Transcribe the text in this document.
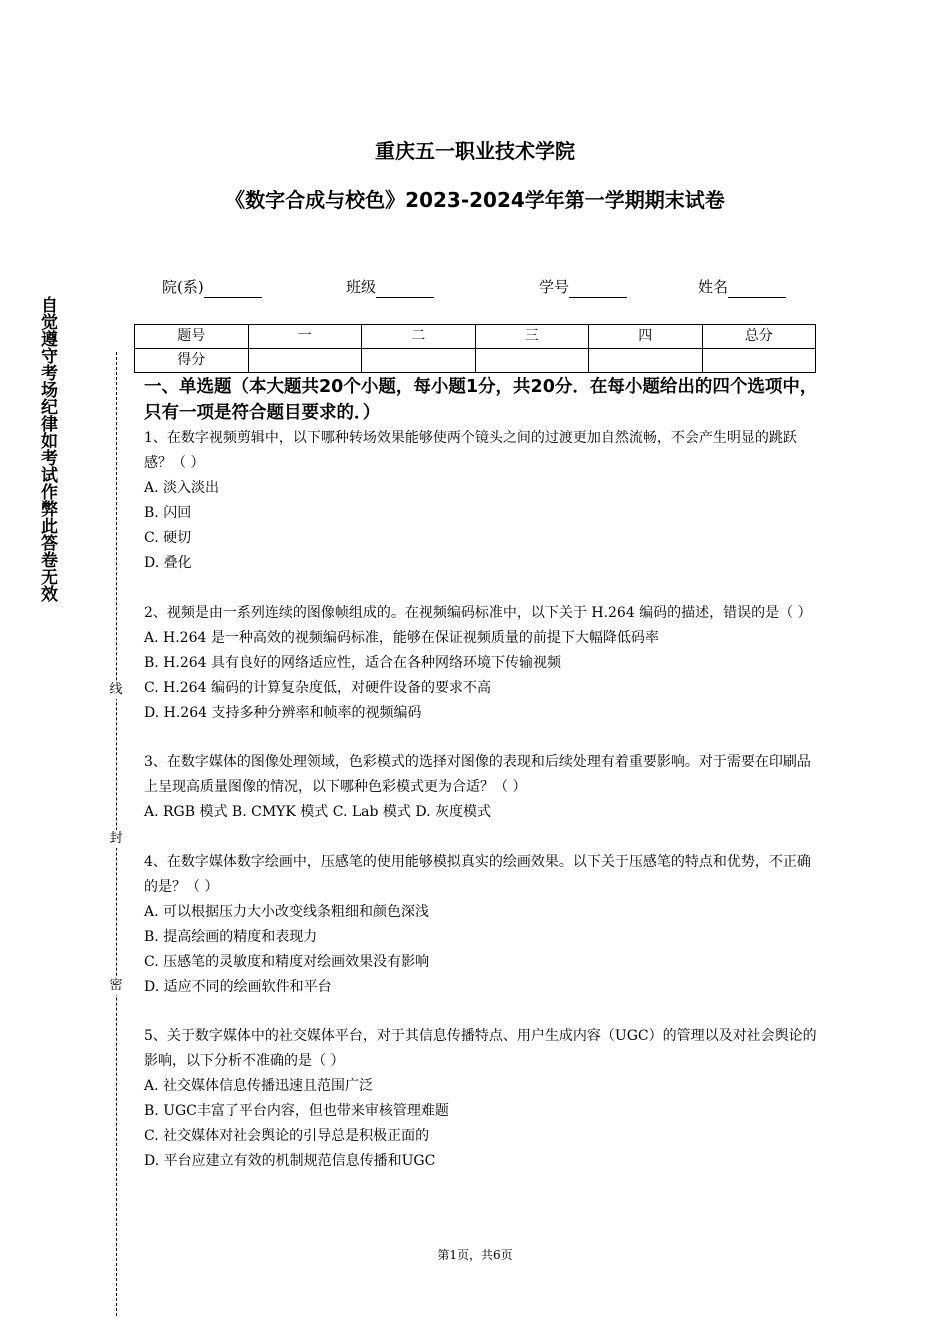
重庆五一职业技术学院
《数字合成与校色》2023-2024学年第一学期期末试卷
院(系)	班级	学号	姓名
题号	一	二	三	四	总分
得分					
自觉遵守考场纪律如考试作弊此答卷无效
线
封
密

一、单选题（本大题共20个小题，每小题1分，共20分．在每小题给出的四个选项中，只有一项是符合题目要求的．）

1、在数字视频剪辑中，以下哪种转场效果能够使两个镜头之间的过渡更加自然流畅，不会产生明显的跳跃感？（ ）

A. 淡入淡出

B. 闪回

C. 硬切

D. 叠化

2、视频是由一系列连续的图像帧组成的。在视频编码标准中，以下关于 H.264 编码的描述，错误的是（ ）

A. H.264 是一种高效的视频编码标准，能够在保证视频质量的前提下大幅降低码率

B. H.264 具有良好的网络适应性，适合在各种网络环境下传输视频

C. H.264 编码的计算复杂度低，对硬件设备的要求不高

D. H.264 支持多种分辨率和帧率的视频编码

3、在数字媒体的图像处理领域，色彩模式的选择对图像的表现和后续处理有着重要影响。对于需要在印刷品上呈现高质量图像的情况，以下哪种色彩模式更为合适？（ ）

A. RGB 模式 B. CMYK 模式 C. Lab 模式 D. 灰度模式

4、在数字媒体数字绘画中，压感笔的使用能够模拟真实的绘画效果。以下关于压感笔的特点和优势，不正确的是？（ ）

A. 可以根据压力大小改变线条粗细和颜色深浅

B. 提高绘画的精度和表现力

C. 压感笔的灵敏度和精度对绘画效果没有影响

D. 适应不同的绘画软件和平台

5、关于数字媒体中的社交媒体平台，对于其信息传播特点、用户生成内容（UGC）的管理以及对社会舆论的影响，以下分析不准确的是（ ）

A. 社交媒体信息传播迅速且范围广泛

B. UGC丰富了平台内容，但也带来审核管理难题

C. 社交媒体对社会舆论的引导总是积极正面的

D. 平台应建立有效的机制规范信息传播和UGC

第1页，共6页
